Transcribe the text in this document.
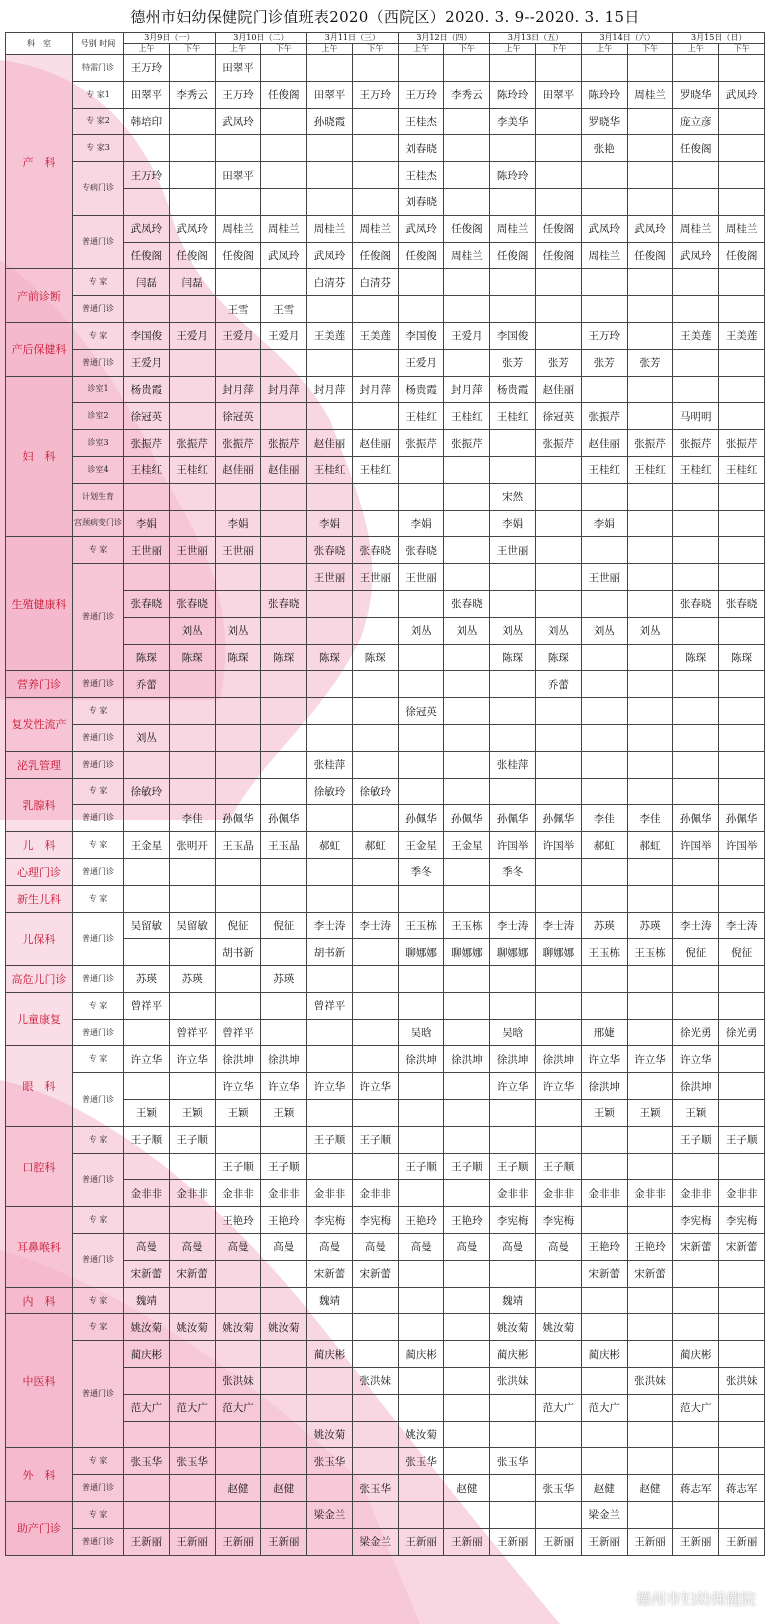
德州市妇幼保健院门诊值班表2020（西院区）2020. 3. 9--2020. 3. 15日
科　室	号别 时间	3月9日（一）		3月10日（二）		3月11日（三）		3月12日（四）		3月13日（五）		3月14日（六）		3月15日（日）	
		上午	下午	上午	下午	上午	下午	上午	下午	上午	下午	上午	下午	上午	下午
产　科	特需门诊	王万玲		田翠平											
	专 家1	田翠平	李秀云	王万玲	任俊阁	田翠平	王万玲	王万玲	李秀云	陈玲玲	田翠平	陈玲玲	周桂兰	罗晓华	武凤玲
	专 家2	韩培印		武凤玲		孙晓霞		王桂杰		李美华		罗晓华		庞立彦	
	专 家3							刘春晓				张艳		任俊阁	
	专病门诊	王万玲		田翠平				王桂杰		陈玲玲					
								刘春晓							
	普通门诊	武凤玲	武凤玲	周桂兰	周桂兰	周桂兰	周桂兰	武凤玲	任俊阁	周桂兰	任俊阁	武凤玲	武凤玲	周桂兰	周桂兰
		任俊阁	任俊阁	任俊阁	武凤玲	武凤玲	任俊阁	任俊阁	周桂兰	任俊阁	任俊阁	周桂兰	任俊阁	武凤玲	任俊阁
产前诊断	专 家	闫磊	闫磊			白清芬	白清芬								
	普通门诊			王雪	王雪										
产后保健科	专 家	李国俊	王爱月	王爱月	王爱月	王美莲	王美莲	李国俊	王爱月	李国俊		王万玲		王美莲	王美莲
	普通门诊	王爱月						王爱月		张芳	张芳	张芳	张芳		
妇　科	诊室1	杨贵霞		封月萍	封月萍	封月萍	封月萍	杨贵霞	封月萍	杨贵霞	赵佳丽				
	诊室2	徐冠英		徐冠英				王桂红	王桂红	王桂红	徐冠英	张振芹		马明明	
	诊室3	张振芹	张振芹	张振芹	张振芹	赵佳丽	赵佳丽	张振芹	张振芹		张振芹	赵佳丽	张振芹	张振芹	张振芹
	诊室4	王桂红	王桂红	赵佳丽	赵佳丽	王桂红	王桂红					王桂红	王桂红	王桂红	王桂红
	计划生育									宋然					
	宫颈病变门诊	李娟		李娟		李娟		李娟		李娟		李娟			
生殖健康科	专 家	王世丽	王世丽	王世丽		张春晓	张春晓	张春晓		王世丽					
	普通门诊					王世丽	王世丽	王世丽				王世丽			
		张春晓	张春晓		张春晓				张春晓					张春晓	张春晓
			刘丛	刘丛				刘丛	刘丛	刘丛	刘丛	刘丛	刘丛		
		陈琛	陈琛	陈琛	陈琛	陈琛	陈琛			陈琛	陈琛			陈琛	陈琛
营养门诊	普通门诊	乔蕾									乔蕾				
复发性流产	专 家							徐冠英							
	普通门诊	刘丛													
泌乳管理	普通门诊					张桂萍				张桂萍					
乳腺科	专 家	徐敏玲				徐敏玲	徐敏玲								
	普通门诊		李佳	孙佩华	孙佩华			孙佩华	孙佩华	孙佩华	孙佩华	李佳	李佳	孙佩华	孙佩华
儿　科	专 家	王金星	张明开	王玉晶	王玉晶	郝虹	郝虹	王金星	王金星	许国举	许国举	郝虹	郝虹	许国举	许国举
心理门诊	普通门诊							季冬		季冬					
新生儿科	专 家														
儿保科	普通门诊	吴留敏	吴留敏	倪征	倪征	李士涛	李士涛	王玉栋	王玉栋	李士涛	李士涛	苏瑛	苏瑛	李士涛	李士涛
				胡书新		胡书新		聊娜娜	聊娜娜	聊娜娜	聊娜娜	王玉栋	王玉栋	倪征	倪征
高危儿门诊	普通门诊	苏瑛	苏瑛		苏瑛										
儿童康复	专 家	曾祥平				曾祥平									
	普通门诊		曾祥平	曾祥平				吴晗		吴晗		邢婕		徐光勇	徐光勇
眼　科	专 家	许立华	许立华	徐洪坤	徐洪坤			徐洪坤	徐洪坤	徐洪坤	徐洪坤	许立华	许立华	许立华	
	普通门诊			许立华	许立华	许立华	许立华			许立华	许立华	徐洪坤		徐洪坤	
		王颖	王颖	王颖	王颖							王颖	王颖	王颖	
口腔科	专 家	王子顺	王子顺			王子顺	王子顺							王子顺	王子顺
	普通门诊			王子顺	王子顺			王子顺	王子顺	王子顺	王子顺				
		金非非	金非非	金非非	金非非	金非非	金非非			金非非	金非非	金非非	金非非	金非非	金非非
耳鼻喉科	专 家			王艳玲	王艳玲	李宪梅	李宪梅	王艳玲	王艳玲	李宪梅	李宪梅			李宪梅	李宪梅
	普通门诊	高曼	高曼	高曼	高曼	高曼	高曼	高曼	高曼	高曼	高曼	王艳玲	王艳玲	宋新蕾	宋新蕾
		宋新蕾	宋新蕾			宋新蕾	宋新蕾					宋新蕾	宋新蕾		
内　科	专 家	魏靖				魏靖				魏靖					
中医科	专 家	姚汝菊	姚汝菊	姚汝菊	姚汝菊					姚汝菊	姚汝菊				
	普通门诊	蔺庆彬				蔺庆彬		蔺庆彬		蔺庆彬		蔺庆彬		蔺庆彬	
				张洪妹			张洪妹			张洪妹			张洪妹		张洪妹
		范大广	范大广	范大广							范大广	范大广		范大广	
						姚汝菊		姚汝菊							
外　科	专 家	张玉华	张玉华			张玉华		张玉华		张玉华					
	普通门诊			赵健	赵健		张玉华		赵健		张玉华	赵健	赵健	蒋志军	蒋志军
助产门诊	专 家					梁金兰						梁金兰			
	普通门诊	王新丽	王新丽	王新丽	王新丽		梁金兰	王新丽	王新丽	王新丽	王新丽	王新丽	王新丽	王新丽	王新丽
德州市妇幼保健院
